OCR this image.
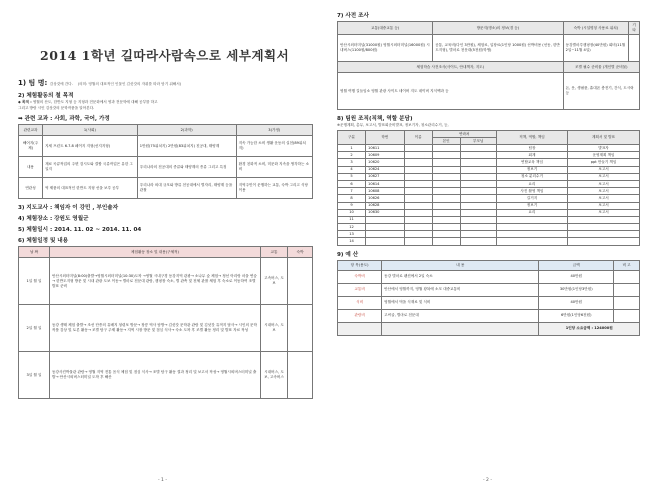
2014 1학년 길따라사람속으로 세부계획서
1) 팀 명: 감상것에 간다. (의미: 영월의 대표적인 인물인 김삿갓의 자취를 따라 탐기 위해서)
2) 체험활동의 철 목적
◆ 목적 : 영월의 산도, 한반도 지형 등 지형과 전문화에서 영과 전문학에 대해 공부를 하고
그리고 방랑 시인 김삿갓의 문학작품을 알아본다.
➡ 관련 교과 : 사회, 과학, 국어, 가정
관련교과	1(사회)	2(과학)	3(가정)
해어지(주제)	지세 프린트 6.7.8 페이지 지형(선지지형)	1만원(75위치지) 2만원(83위치지) 친공대, 태양계	지속 가능한 소비 생활 운동의 실천(89위치지)
내용	재료 곡류작업의 주변 검시도와 결합 국류작업은 유한 그 일지	우리나라의 천공대의 종류와 태양계의 종류 그리고 특징	환경 친화적 소비, 미문화 지속을 생각하는 소비
연관성	역 제품의 대표적인 한반도 지형 선을 보루 공부	우리나라 외대 규모와 방류 천공대에서 별자리, 태양계 등을 관찰	지역주민이 운행하는 교통, 숙박 그리고 식당이용
3) 지도교사 : 책임자 이 강민 , 부인솔자
4) 체험장소 : 강원도 영월군
5) 체험일시 : 2014. 11. 02 ~ 2014. 11. 04
6) 체험일정 및 내용
날 짜	체험활동 장소 및 내용(구체적)	교통	숙박
1일 월 일	안산시외터미널(8:00)출발→영월시외터미널(10:30)도착 →영월 시내구경 동강지역 관광→ 소나무 숲 체험→ 정선 아리랑 마을 연습→ 한반도지형 방문 및 시내 관광 도보 이동→ 별마로 천문대 관람, 캠핑장 숙소, 별 관측 및 천체 관찰 체험 후 숙소로 이동하여 조별 발표 준비	고속버스, 도보	
2일 월 일	동강 생태 체험 출발→ 조선 단종의 유배지 청령포 방문→ 장릉 역사 탐방→ 김삿갓 문학관 관람 및 김삿갓 유적지 답사→ 시인의 문학작품 감상 및 토론 활동→ 조별 탐구 주제 활동→ 지역 시장 방문 및 점심 식사→ 숙소 도착 후 조별 활동 정리 및 발표 자료 작성	시내버스, 도보	
3일 월 일	동강사진박물관 관람→ 영월 지역 전통 음식 체험 및 점심 식사→ 조별 탐구 활동 결과 정리 및 보고서 작성→ 영월시외버스터미널 출발→ 안산시외버스터미널 도착 후 해산	시내버스, 도보, 고속버스	
- 1 -
7) 사전 조사
교통(대중교통 등)	방문지(명소)의 정보(경 등)	숙박 (시설명칭 사용료 위치)	기타
안산시외터미널(31000원) 영월시외터미널(16000원) 시내버스(1100원/800원)	공통, 교육비(다인 3만원), 체험료, 입장료(1인당 1000원) 선박비용 (선동, 한반도지형), 별마로 천문대(5천원/학생)	동강별마루캠핑장(40만원) 회비(11월 2일~11월 4일)	
체험학습 사전조사(사이트, 안내책자, 지도)		조별 필수 준비물 (개인별 준비물)	
영월 여행 길들임소 영월 관광 사이트 네이버 지도 네이버 지식백과 등		돈, 옷, 생필품, 휴대폰 충전기, 간식, 도시락 등	
8) 팀원 조직(직책, 역할 분담)
※운행계획, 총무, 보고서, 발표회준비발표, 정보기자, 청소관리수거, 등,
구분	학번	이름	연락처		직책, 역할, 책임	계획서 및 발표
			본인	부모님		
1	10611				팀장	발표자
2	10609				회계	운영계획 책임
3	10620				연합교육 책임	ppt 만들기 책임
4	10624				정보기	보고서
5	10627				청소 분리수거	보고서
6	10614				요리	보고서
7	10608				사진 촬영 책임	보고서
8	10626				길거지	보고서
9	10628				정보기	보고서
10	10630				요리	보고서
11						
12						
13						
14						
9) 예 산
항 목(용도)	내 용	금액	비 고
숙박비	동강 별마로 펜션에서 2일 숙소	40만원	
교통비	안산에서 영월까지, 영월 왕복에 소모 대중교통비	30만원(1인당3만원)	
식비	영월에서 먹을 식재료 및 식비	40만원	
관람비	고씨굴, 별마로 천문대	6만원(1인당6천원)	
		1인당 소요금액 : 124000원	
- 2 -
